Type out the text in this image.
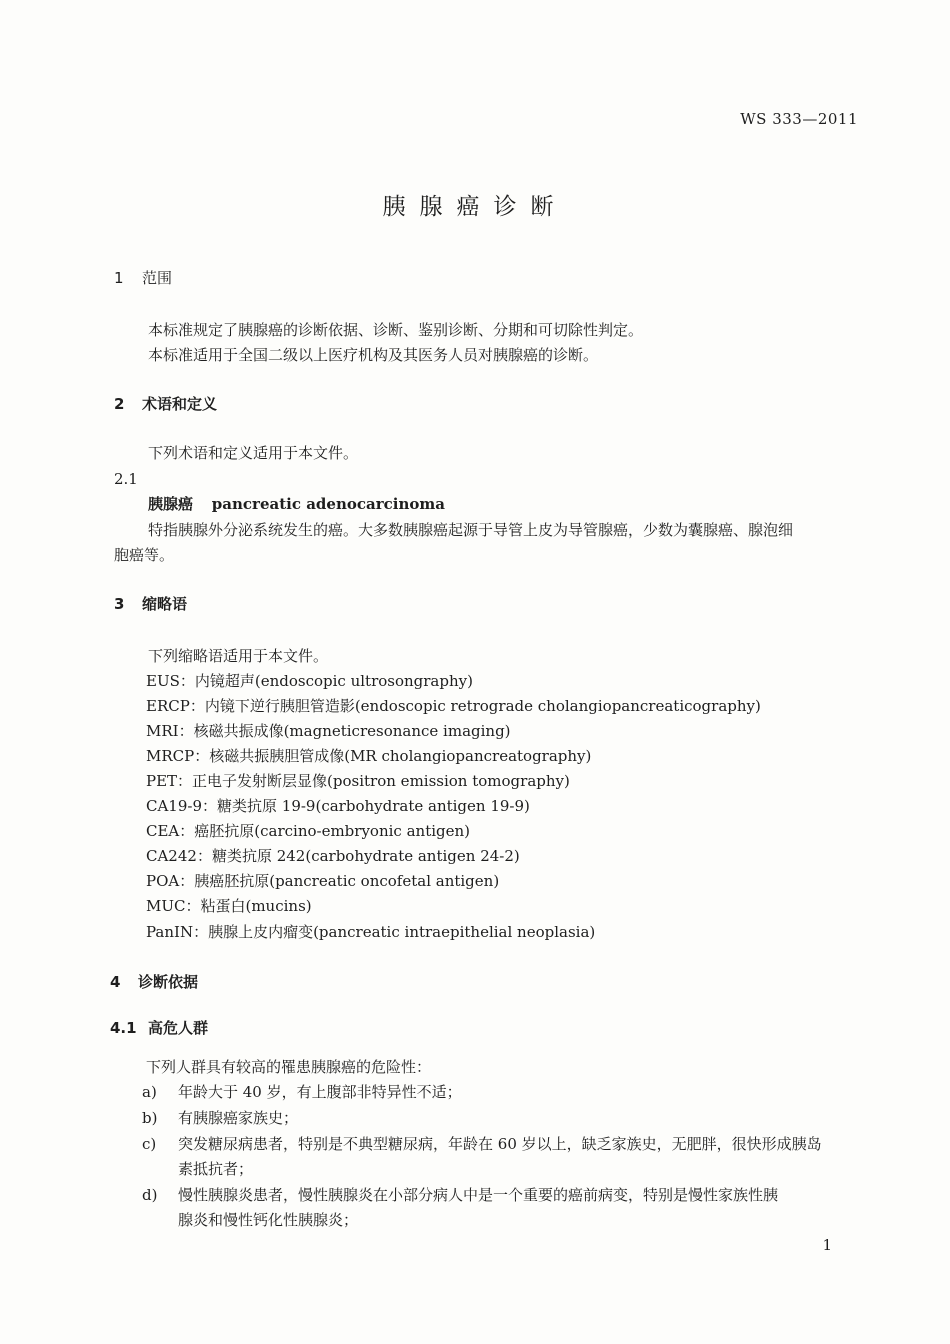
WS 333—2011
胰腺癌诊断
1 范围
本标准规定了胰腺癌的诊断依据、诊断、鉴别诊断、分期和可切除性判定。
本标准适用于全国二级以上医疗机构及其医务人员对胰腺癌的诊断。
2 术语和定义
下列术语和定义适用于本文件。
2.1
胰腺癌 pancreatic adenocarcinoma
特指胰腺外分泌系统发生的癌。大多数胰腺癌起源于导管上皮为导管腺癌，少数为囊腺癌、腺泡细
胞癌等。
3 缩略语
下列缩略语适用于本文件。
EUS：内镜超声(endoscopic ultrosongraphy)
ERCP：内镜下逆行胰胆管造影(endoscopic retrograde cholangiopancreaticography)
MRI：核磁共振成像(magneticresonance imaging)
MRCP：核磁共振胰胆管成像(MR cholangiopancreatography)
PET：正电子发射断层显像(positron emission tomography)
CA19-9：糖类抗原 19-9(carbohydrate antigen 19-9)
CEA：癌胚抗原(carcino-embryonic antigen)
CA242：糖类抗原 242(carbohydrate antigen 24-2)
POA：胰癌胚抗原(pancreatic oncofetal antigen)
MUC：粘蛋白(mucins)
PanIN：胰腺上皮内瘤变(pancreatic intraepithelial neoplasia)
4 诊断依据
4.1 高危人群
下列人群具有较高的罹患胰腺癌的危险性：
a) 年龄大于 40 岁，有上腹部非特异性不适；
b) 有胰腺癌家族史；
c) 突发糖尿病患者，特别是不典型糖尿病，年龄在 60 岁以上，缺乏家族史，无肥胖，很快形成胰岛
素抵抗者；
d) 慢性胰腺炎患者，慢性胰腺炎在小部分病人中是一个重要的癌前病变，特别是慢性家族性胰
腺炎和慢性钙化性胰腺炎；
1
